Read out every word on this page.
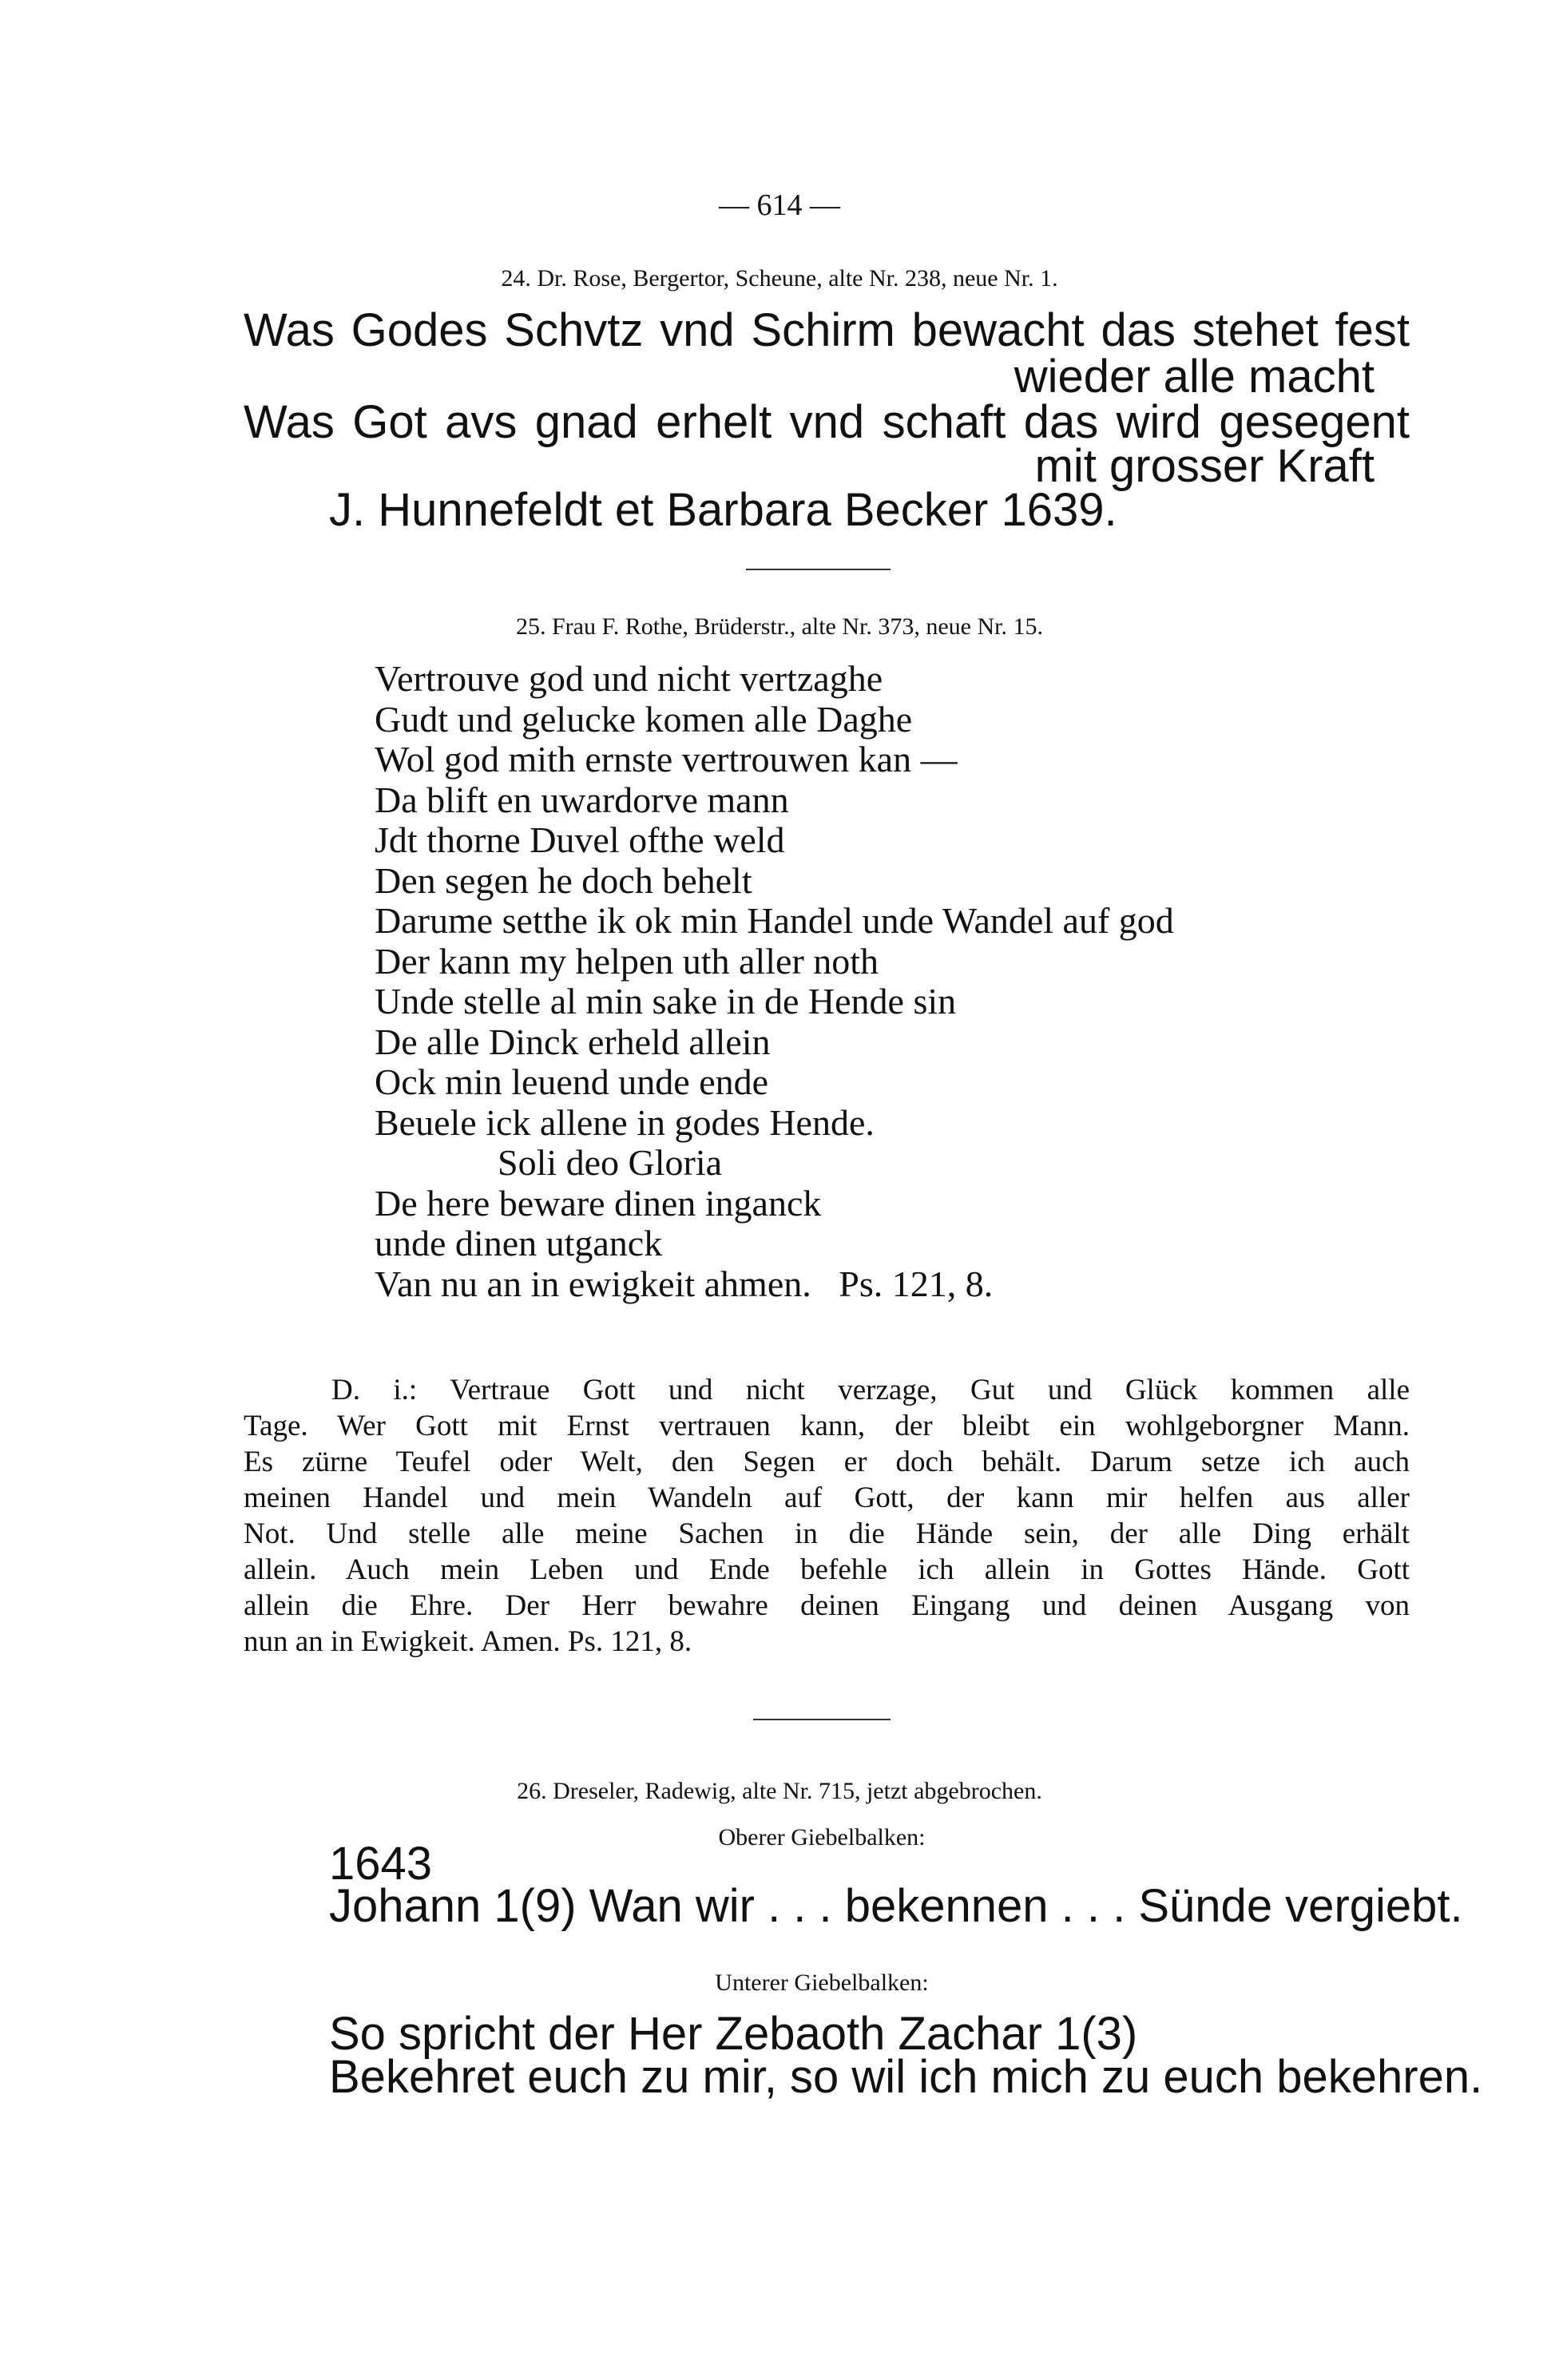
— 614 —
24. Dr. Rose, Bergertor, Scheune, alte Nr. 238, neue Nr. 1.
Was Godes Schvtz vnd Schirm bewacht das stehet fest
wieder alle macht
Was Got avs gnad erhelt vnd schaft das wird gesegent
mit grosser Kraft
J. Hunnefeldt et Barbara Becker 1639.
25. Frau F. Rothe, Brüderstr., alte Nr. 373, neue Nr. 15.
Vertrouve god und nicht vertzaghe
Gudt und gelucke komen alle Daghe
Wol god mith ernste vertrouwen kan —
Da blift en uwardorve mann
Jdt thorne Duvel ofthe weld
Den segen he doch behelt
Darume setthe ik ok min Handel unde Wandel auf god
Der kann my helpen uth aller noth
Unde stelle al min sake in de Hende sin
De alle Dinck erheld allein
Ock min leuend unde ende
Beuele ick allene in godes Hende.
Soli deo Gloria
De here beware dinen inganck
unde dinen utganck
Van nu an in ewigkeit ahmen.   Ps. 121, 8.
D. i.: Vertraue Gott und nicht verzage, Gut und Glück kommen alle
Tage. Wer Gott mit Ernst vertrauen kann, der bleibt ein wohlgeborgner Mann.
Es zürne Teufel oder Welt, den Segen er doch behält. Darum setze ich auch
meinen Handel und mein Wandeln auf Gott, der kann mir helfen aus aller
Not. Und stelle alle meine Sachen in die Hände sein, der alle Ding erhält
allein. Auch mein Leben und Ende befehle ich allein in Gottes Hände. Gott
allein die Ehre. Der Herr bewahre deinen Eingang und deinen Ausgang von
nun an in Ewigkeit. Amen. Ps. 121, 8.
26. Dreseler, Radewig, alte Nr. 715, jetzt abgebrochen.
Oberer Giebelbalken:
1643
Johann 1(9) Wan wir . . . bekennen . . . Sünde vergiebt.
Unterer Giebelbalken:
So spricht der Her Zebaoth Zachar 1(3)
Bekehret euch zu mir, so wil ich mich zu euch bekehren.
